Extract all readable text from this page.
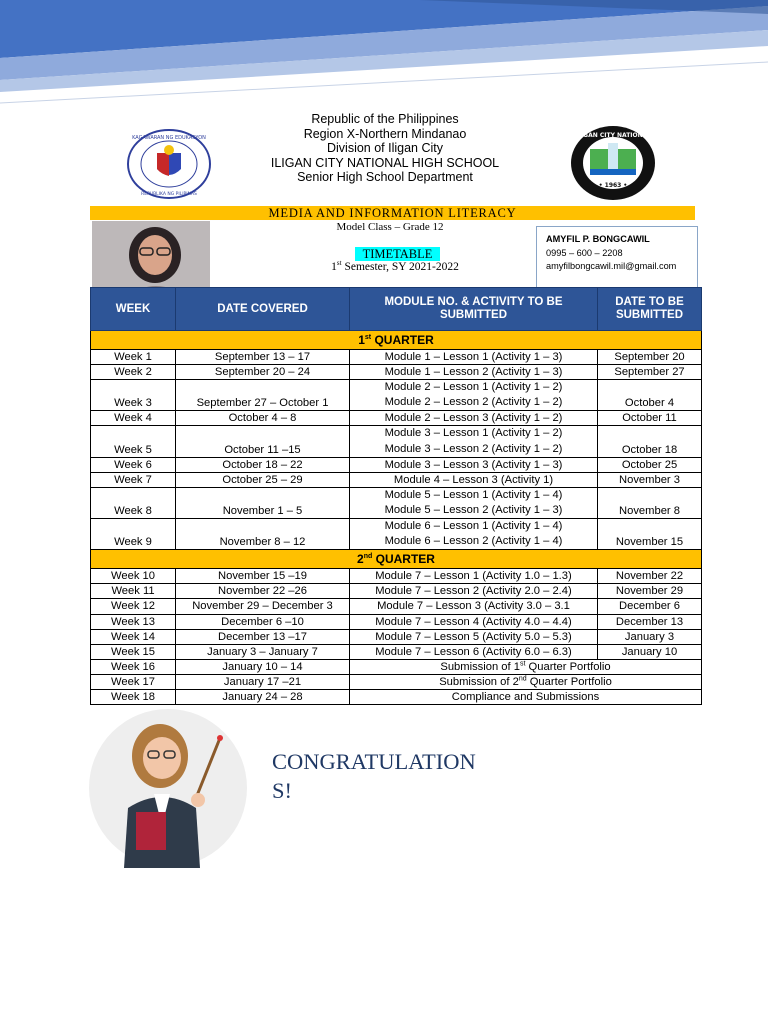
KAGAWARAN NG EDUKASYON
REPUBLIKA NG PILIPINAS
ILIGAN CITY NATIONAL
• 1963 •
Republic of the Philippines
Region X-Northern Mindanao
Division of Iligan City
ILIGAN CITY NATIONAL HIGH SCHOOL
Senior High School Department
MEDIA AND INFORMATION LITERACY
Model Class – Grade 12
TIMETABLE
1st Semester, SY 2021-2022
AMYFIL P. BONGCAWIL
0995 – 600 – 2208
amyfilbongcawil.mil@gmail.com
WEEK	DATE COVERED	MODULE NO. & ACTIVITY TO BE SUBMITTED	DATE TO BE SUBMITTED
1st QUARTER			
Week 1	September 13 – 17	Module 1 – Lesson 1 (Activity 1 – 3)	September 20
Week 2	September 20 – 24	Module 1 – Lesson 2 (Activity 1 – 3)	September 27
Week 3	September 27 – October 1	Module 2 – Lesson 1 (Activity 1 – 2)
Module 2 – Lesson 2 (Activity 1 – 2)	October 4
Week 4	October 4 – 8	Module 2 – Lesson 3 (Activity 1 – 2)	October 11
Week 5	October 11 –15	Module 3 – Lesson 1 (Activity 1 – 2)
Module 3 – Lesson 2 (Activity 1 – 2)	October 18
Week 6	October 18 – 22	Module 3 – Lesson 3 (Activity 1 – 3)	October 25
Week 7	October 25 – 29	Module 4 – Lesson 3 (Activity 1)	November 3
Week 8	November 1 – 5	Module 5 – Lesson 1 (Activity 1 – 4)
Module 5 – Lesson 2 (Activity 1 – 3)	November 8
Week 9	November 8 – 12	Module 6 – Lesson 1 (Activity 1 – 4)
Module 6 – Lesson 2 (Activity 1 – 4)	November 15
2nd QUARTER			
Week 10	November 15 –19	Module 7 – Lesson 1 (Activity 1.0 – 1.3)	November 22
Week 11	November 22 –26	Module 7 – Lesson 2 (Activity 2.0 – 2.4)	November 29
Week 12	November 29 – December 3	Module 7 – Lesson 3 (Activity 3.0 – 3.1	December 6
Week 13	December 6 –10	Module 7 – Lesson 4 (Activity 4.0 – 4.4)	December 13
Week 14	December 13 –17	Module 7 – Lesson 5 (Activity 5.0 – 5.3)	January 3
Week 15	January 3 – January 7	Module 7 – Lesson 6 (Activity 6.0 – 6.3)	January 10
Week 16	January 10 – 14	Submission of 1st Quarter Portfolio	
Week 17	January 17 –21	Submission of 2nd Quarter Portfolio	
Week 18	January 24 – 28	Compliance and Submissions	
CONGRATULATION
S!
